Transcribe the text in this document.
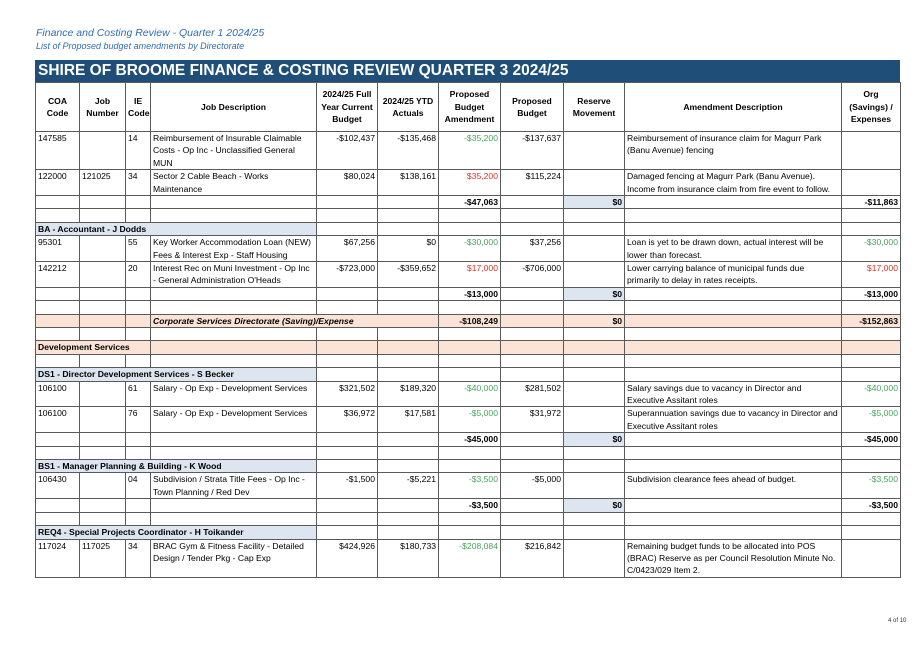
Finance and Costing Review - Quarter 1 2024/25
List of Proposed budget amendments by Directorate
SHIRE OF BROOME FINANCE & COSTING REVIEW QUARTER 3 2024/25
COA Code	Job Number	IE Code	Job Description	2024/25 Full Year Current Budget	2024/25 YTD Actuals	Proposed Budget Amendment	Proposed Budget	Reserve Movement	Amendment Description	Org (Savings) / Expenses
147585		14	Reimbursement of Insurable Claimable Costs - Op Inc - Unclassified General MUN	-$102,437	-$135,468	-$35,200	-$137,637		Reimbursement of insurance claim for Magurr Park (Banu Avenue) fencing	
122000	121025	34	Sector 2 Cable Beach - Works Maintenance	$80,024	$138,161	$35,200	$115,224		Damaged fencing at Magurr Park (Banu Avenue). Income from insurance claim from fire event to follow.	
						-$47,063		$0		-$11,863

BA - Accountant - J Dodds										
95301		55	Key Worker Accommodation Loan (NEW) Fees & Interest Exp - Staff Housing	$67,256	$0	-$30,000	$37,256		Loan is yet to be drawn down, actual interest will be lower than forecast.	-$30,000
142212		20	Interest Rec on Muni Investment - Op Inc - General Administration O'Heads	-$723,000	-$359,652	$17,000	-$706,000		Lower carrying balance of municipal funds due primarily to delay in rates receipts.	$17,000
						-$13,000		$0		-$13,000

			Corporate Services Directorate (Saving)/Expense			-$108,249		$0		-$152,863

Development Services										

DS1 - Director Development Services - S Becker										
106100		61	Salary - Op Exp - Development Services	$321,502	$189,320	-$40,000	$281,502		Salary savings due to vacancy in Director and Executive Assitant roles	-$40,000
106100		76	Salary - Op Exp - Development Services	$36,972	$17,581	-$5,000	$31,972		Superannuation savings due to vacancy in Director and Executive Assitant roles	-$5,000
						-$45,000		$0		-$45,000

BS1 - Manager Planning & Building - K Wood										
106430		04	Subdivision / Strata Title Fees - Op Inc - Town Planning / Red Dev	-$1,500	-$5,221	-$3,500	-$5,000		Subdivision clearance fees ahead of budget.	-$3,500
						-$3,500		$0		-$3,500

REQ4 - Special Projects Coordinator - H Toikander										
117024	117025	34	BRAC Gym & Fitness Facility - Detailed Design / Tender Pkg - Cap Exp	$424,926	$180,733	-$208,084	$216,842		Remaining budget funds to be allocated into POS (BRAC) Reserve as per Council Resolution Minute No. C/0423/029 Item 2.	
4 of 10
